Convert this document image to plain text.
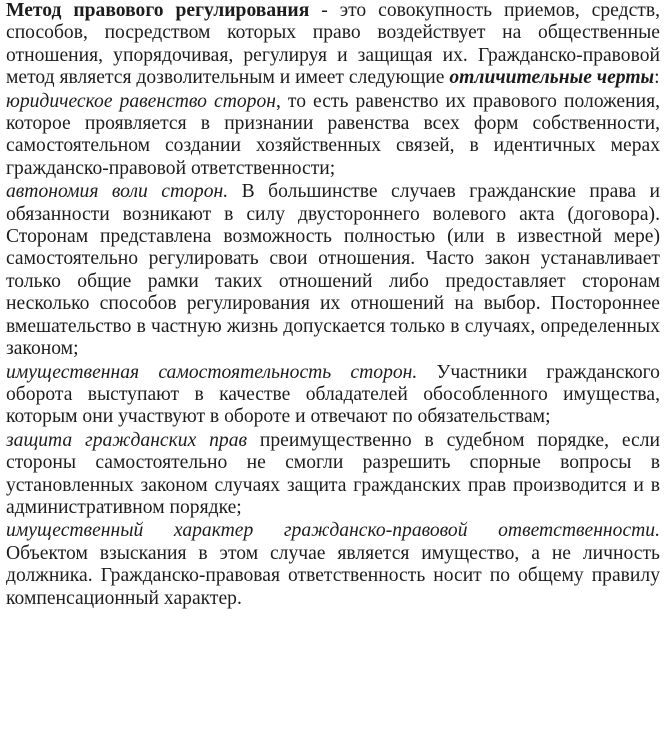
Метод правового регулирования - это совокупность приемов, средств, способов, посредством которых право воздействует на общественные отношения, упорядочивая, регулируя и защищая их. Гражданско-правовой метод является дозволительным и имеет следующие отличительные черты:

юридическое равенство сторон, то есть равенство их правового положения, которое проявляется в признании равенства всех форм собственности, самостоятельном создании хозяйственных связей, в идентичных мерах гражданско-правовой ответственности;

автономия воли сторон. В большинстве случаев гражданские права и обязанности возникают в силу двустороннего волевого акта (договора). Сторонам представлена возможность полностью (или в известной мере) самостоятельно регулировать свои отношения. Часто закон устанавливает только общие рамки таких отношений либо предоставляет сторонам несколько способов регулирования их отношений на выбор. Постороннее вмешательство в частную жизнь допускается только в случаях, определенных законом;

имущественная самостоятельность сторон. Участники гражданского оборота выступают в качестве обладателей обособленного имущества, которым они участвуют в обороте и отвечают по обязательствам;

защита гражданских прав преимущественно в судебном порядке, если стороны самостоятельно не смогли разрешить спорные вопросы в установленных законом случаях защита гражданских прав производится и в административном порядке;

имущественный характер гражданско-правовой ответственности. Объектом взыскания в этом случае является имущество, а не личность должника. Гражданско-правовая ответственность носит по общему правилу компенсационный характер.
